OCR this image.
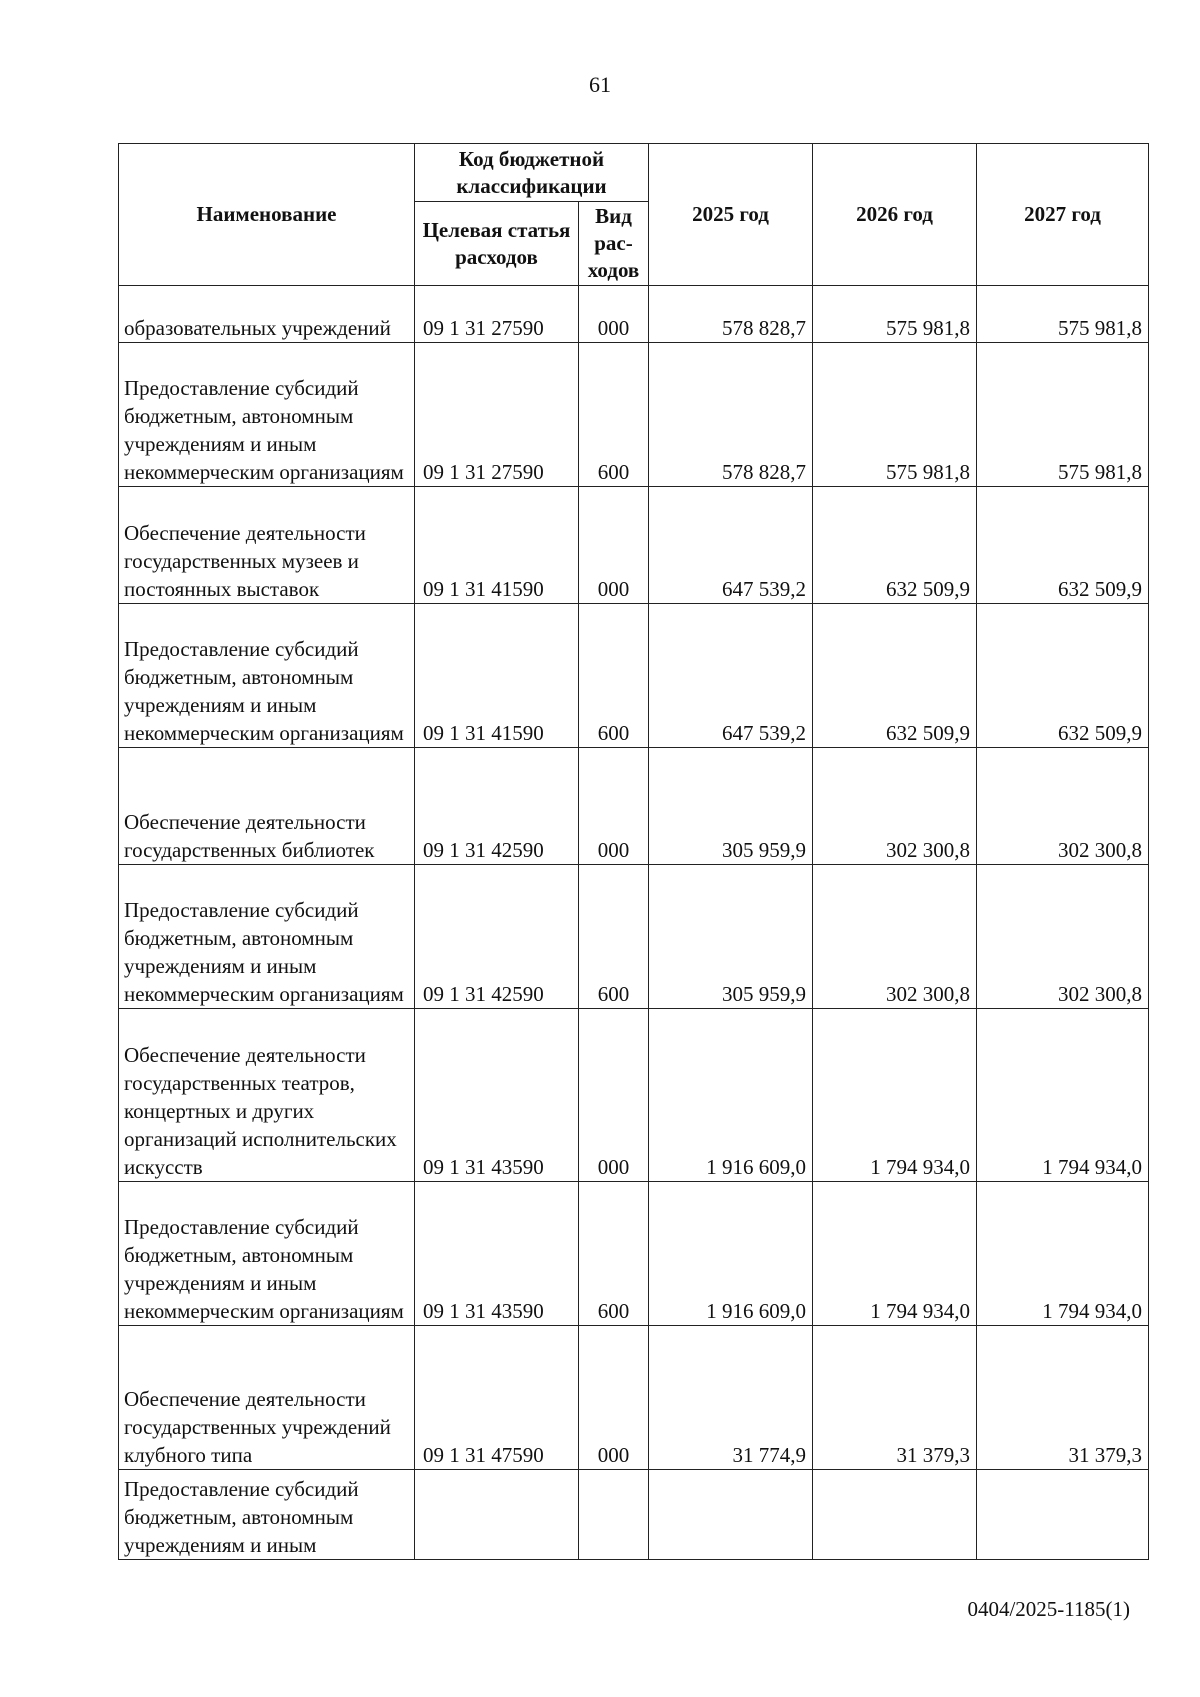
61
Наименование	Код бюджетной классификации		2025 год	2026 год	2027 год
	Целевая статья расходов	Вид рас-ходов			
образовательных учреждений	09 1 31 27590	000	578 828,7	575 981,8	575 981,8
Предоставление субсидий бюджетным, автономным учреждениям и иным некоммерческим организациям	09 1 31 27590	600	578 828,7	575 981,8	575 981,8
Обеспечение деятельности государственных музеев и постоянных выставок	09 1 31 41590	000	647 539,2	632 509,9	632 509,9
Предоставление субсидий бюджетным, автономным учреждениям и иным некоммерческим организациям	09 1 31 41590	600	647 539,2	632 509,9	632 509,9
Обеспечение деятельности государственных библиотек	09 1 31 42590	000	305 959,9	302 300,8	302 300,8
Предоставление субсидий бюджетным, автономным учреждениям и иным некоммерческим организациям	09 1 31 42590	600	305 959,9	302 300,8	302 300,8
Обеспечение деятельности государственных театров, концертных и других организаций исполнительских искусств	09 1 31 43590	000	1 916 609,0	1 794 934,0	1 794 934,0
Предоставление субсидий бюджетным, автономным учреждениям и иным некоммерческим организациям	09 1 31 43590	600	1 916 609,0	1 794 934,0	1 794 934,0
Обеспечение деятельности государственных учреждений клубного типа	09 1 31 47590	000	31 774,9	31 379,3	31 379,3
Предоставление субсидий бюджетным, автономным учреждениям и иным					
0404/2025-1185(1)
